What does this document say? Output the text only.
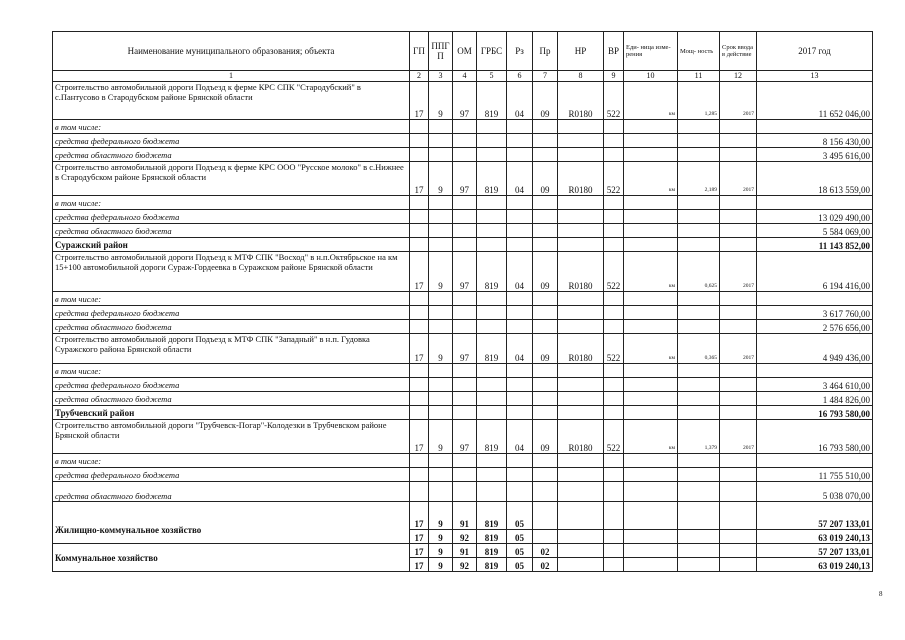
Наименование муниципального образования; объекта	ГП	ППГП	ОМ	ГРБС	Рз	Пр	НР	ВР	Еди- ница изме- рения	Мощ- ность	Срок ввода в действие	2017 год
1	2	3	4	5	6	7	8	9	10	11	12	13
Строительство автомобильной дороги Подъезд к ферме КРС СПК "Стародубский" в с.Пантусово в Стародубском районе Брянской области	17	9	97	819	04	09	R0180	522	км	1,285	2017	11 652 046,00
в том числе:												
средства федерального бюджета												8 156 430,00
средства областного бюджета												3 495 616,00
Строительство автомобильной дороги Подъезд к ферме КРС ООО "Русское молоко" в с.Нижнее в Стародубском районе Брянской области	17	9	97	819	04	09	R0180	522	км	2,189	2017	18 613 559,00
в том числе:												
средства федерального бюджета												13 029 490,00
средства областного бюджета												5 584 069,00
Суражский район												11 143 852,00
Строительство автомобильной дороги Подъезд к МТФ СПК "Восход" в н.п.Октябрьское на км 15+100 автомобильной дороги Сураж-Гордеевка в Суражском районе Брянской области	17	9	97	819	04	09	R0180	522	км	0,625	2017	6 194 416,00
в том числе:												
средства федерального бюджета												3 617 760,00
средства областного бюджета												2 576 656,00
Строительство автомобильной дороги Подъезд к МТФ СПК "Западный" в н.п. Гудовка Суражского района Брянской области	17	9	97	819	04	09	R0180	522	км	0,365	2017	4 949 436,00
в том числе:												
средства федерального бюджета												3 464 610,00
средства областного бюджета												1 484 826,00
Трубчевский район												16 793 580,00
Строительство автомобильной дороги "Трубчевск-Погар"-Колодезки в Трубчевском районе Брянской области	17	9	97	819	04	09	R0180	522	км	1,379	2017	16 793 580,00
в том числе:												
средства федерального бюджета												11 755 510,00
средства областного бюджета												5 038 070,00
Жилищно-коммунальное хозяйство	17	9	91	819	05							57 207 133,01
	17	9	92	819	05							63 019 240,13
Коммунальное хозяйство	17	9	91	819	05	02						57 207 133,01
	17	9	92	819	05	02						63 019 240,13
8
